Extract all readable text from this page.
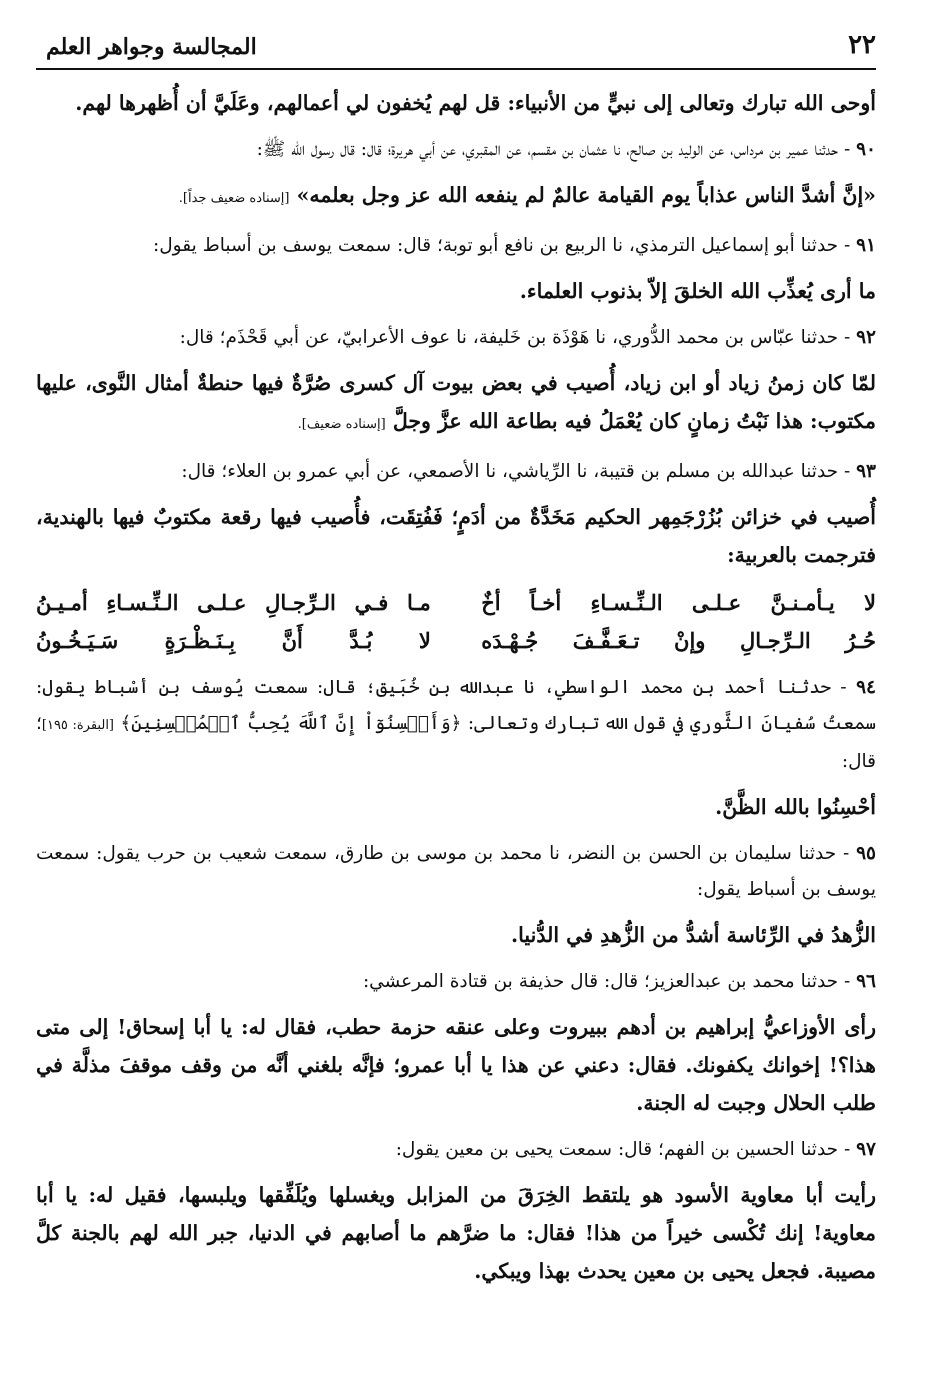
٢٢
المجالسة وجواهر العلم

أوحى الله تبارك وتعالى إلى نبيٍّ من الأنبياء: قل لهم يُخفون لي أعمالهم، وعَلَيَّ أن أُظهرها لهم.

٩٠ - حدثنا عمير بن مرداس، عن الوليد بن صالح، نا عثمان بن مقسم، عن المقبري، عن أبي هريرة؛ قال: قال رسول الله ﷺ:

«إنَّ أشدَّ الناس عذاباً يوم القيامة عالمٌ لم ينفعه الله عز وجل بعلمه» [إسناده ضعيف جداً].

٩١ - حدثنا أبو إسماعيل الترمذي، نا الربيع بن نافع أبو توبة؛ قال: سمعت يوسف بن أسباط يقول:

ما أرى يُعذِّب الله الخلقَ إلاّ بذنوب العلماء.

٩٢ - حدثنا عبّاس بن محمد الدُّوري، نا هَوْذَة بن خَليفة، نا عوف الأعرابيّ، عن أبي قَحْذَم؛ قال:

لمّا كان زمنُ زياد أو ابن زياد، أُصيب في بعض بيوت آل كسرى صُرَّةٌ فيها حنطةٌ أمثال النَّوى، عليها مكتوب: هذا نَبْتُ زمانٍ كان يُعْمَلُ فيه بطاعة الله عزَّ وجلَّ [إسناده ضعيف].

٩٣ - حدثنا عبدالله بن مسلم بن قتيبة، نا الرِّياشي، نا الأصمعي، عن أبي عمرو بن العلاء؛ قال:

أُصيب في خزائن بُزُرْجَمِهر الحكيم مَخَدَّةٌ من أدَمٍ؛ فَفُتِقَت، فأُصيب فيها رقعة مكتوبٌ فيها بالهندية، فترجمت بالعربية:

لا يـأمـنـنَّ عـلـى الـنِّـسـاءِ أخـاً أخٌ
مـا فـي الـرِّجـالِ عـلـى الـنِّـسـاءِ أمـيـنُ
حُـرُ الـرِّجـالِ وإنْ تـعَـفَّـفَ جُـهْـدَه
لا بُـدَّ أَنَّ بِـنَـظْـرَةٍ سَـيَـخُـونُ

٩٤ - حدثنا أحمد بن محمد الواسطي، نا عبدالله بن خُبَيق؛ قال: سمعت يُوسف بن أسْباط يقول: سمعتُ سُفيانَ الثَّوري في قول الله تبارك وتعالى: ﴿وَأَحۡسِنُوٓاْ إِنَّ ٱللَّهَ يُحِبُّ ٱلۡمُحۡسِنِينَ﴾ [البقرة: ١٩٥]؛ قال:

أحْسِنُوا بالله الظَّنَّ.

٩٥ - حدثنا سليمان بن الحسن بن النضر، نا محمد بن موسى بن طارق، سمعت شعيب بن حرب يقول: سمعت يوسف بن أسباط يقول:

الزُّهدُ في الرِّئاسة أشدُّ من الزُّهدِ في الدُّنيا.

٩٦ - حدثنا محمد بن عبدالعزيز؛ قال: قال حذيفة بن قتادة المرعشي:

رأى الأوزاعيُّ إبراهيم بن أدهم ببيروت وعلى عنقه حزمة حطب، فقال له: يا أبا إسحاق! إلى متى هذا؟! إخوانك يكفونك. فقال: دعني عن هذا يا أبا عمرو؛ فإنَّه بلغني أنَّه من وقف موقفَ مذلَّة في طلب الحلال وجبت له الجنة.

٩٧ - حدثنا الحسين بن الفهم؛ قال: سمعت يحيى بن معين يقول:

رأيت أبا معاوية الأسود هو يلتقط الخِرَقَ من المزابل ويغسلها ويُلَفِّقها ويلبسها، فقيل له: يا أبا معاوية! إنك تُكْسى خيراً من هذا! فقال: ما ضرَّهم ما أصابهم في الدنيا، جبر الله لهم بالجنة كلَّ مصيبة. فجعل يحيى بن معين يحدث بهذا ويبكي.
